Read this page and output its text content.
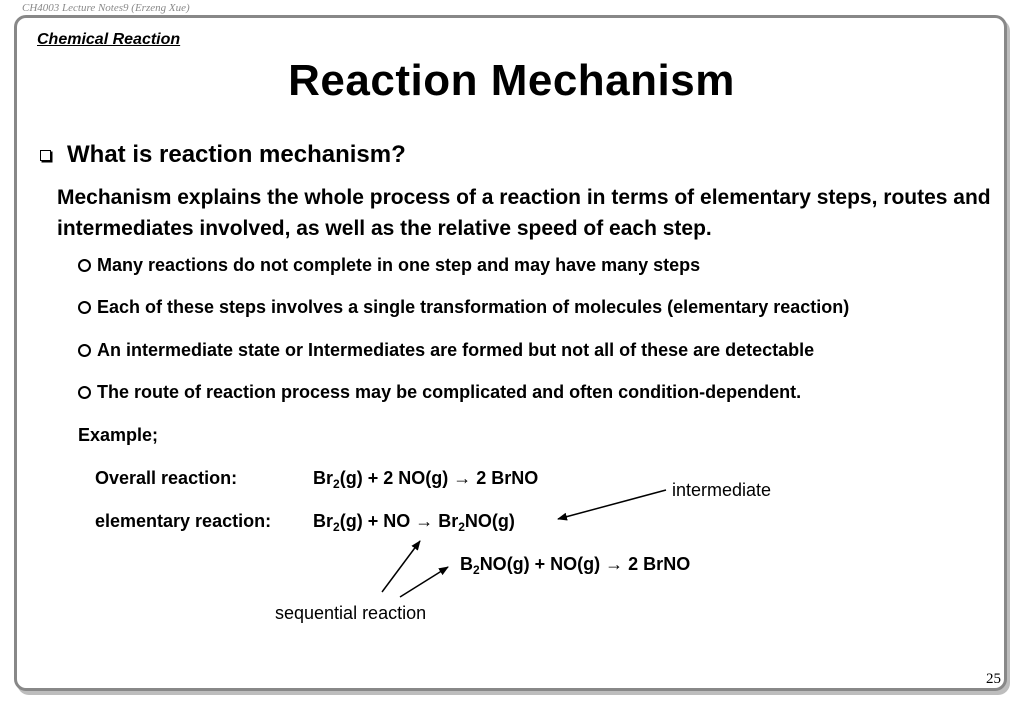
CH4003 Lecture Notes9 (Erzeng Xue)
Chemical Reaction
Reaction Mechanism
What is reaction mechanism?
Mechanism explains the whole process of a reaction in terms of elementary steps, routes and intermediates involved, as well as the relative speed of each step.
Many reactions do not complete in one step and may have many steps
Each of these steps involves a single transformation of molecules (elementary reaction)
An intermediate state or Intermediates are formed but not all of these are detectable
The route of reaction process may be complicated and often condition-dependent.
Example;
Overall reaction:	$Br_2(g) + 2$ NO(g) → 2 BrNO
elementary reaction: $Br_2(g)$ + NO → $Br_2NO(g)$
$B_2NO(g) + NO(g) \to 2$ BrNO
intermediate
sequential reaction
25
